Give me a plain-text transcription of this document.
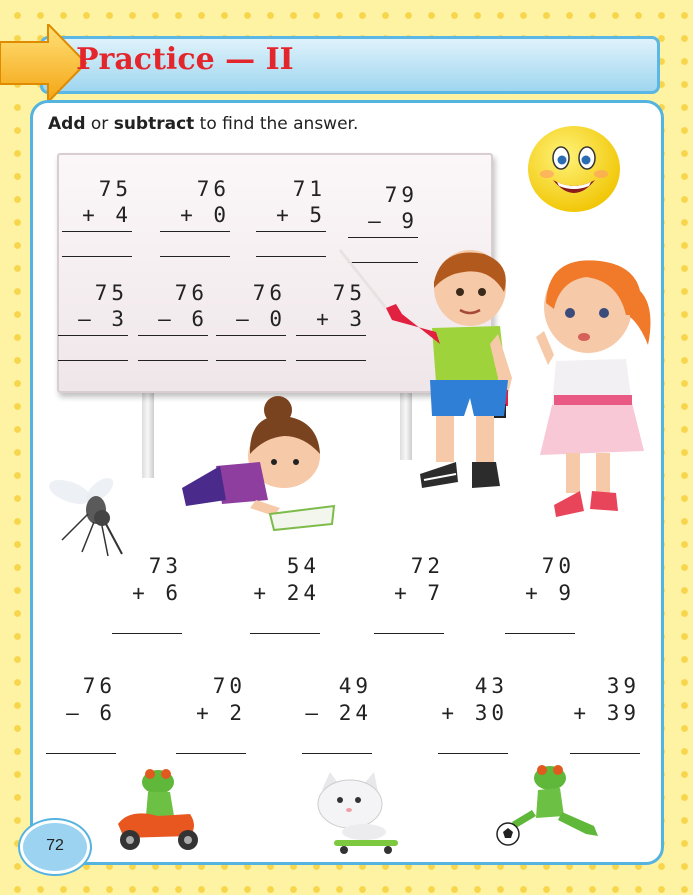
Practice — II
Add or subtract to find the answer.
75
+ 4
76
+ 0
71
+ 5
79
– 9
75
– 3
76
– 6
76
– 0
75
+ 3
73
+ 6
54
+ 24
72
+ 7
70
+ 9
76
– 6
70
+ 2
49
– 24
43
+ 30
39
+ 39
72
